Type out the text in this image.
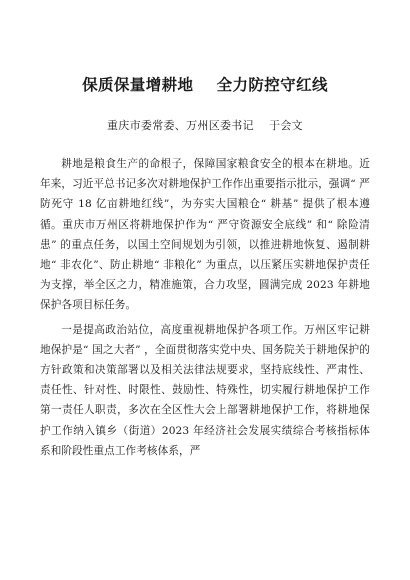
保质保量增耕地    全力防控守红线

重庆市委常委、万州区委书记    于会文

耕地是粮食生产的命根子，保障国家粮食安全的根本在耕地。近年来，习近平总书记多次对耕地保护工作作出重要指示批示，强调“ 严防死守 18 亿亩耕地红线”，为夯实大国粮仓“ 耕基” 提供了根本遵循。重庆市万州区将耕地保护作为“ 严守资源安全底线” 和“ 除险清患” 的重点任务，以国土空间规划为引领，以推进耕地恢复、遏制耕地“ 非农化”、防止耕地“ 非粮化” 为重点，以压紧压实耕地保护责任为支撑，举全区之力，精准施策，合力攻坚，圆满完成 2023 年耕地保护各项目标任务。

一是提高政治站位，高度重视耕地保护各项工作。万州区牢记耕地保护是“ 国之大者” ，全面贯彻落实党中央、国务院关于耕地保护的方针政策和决策部署以及相关法律法规要求，坚持底线性、严肃性、责任性、针对性、时限性、鼓励性、特殊性，切实履行耕地保护工作第一责任人职责，多次在全区性大会上部署耕地保护工作，将耕地保护工作纳入镇乡（街道）2023 年经济社会发展实绩综合考核指标体系和阶段性重点工作考核体系，严
